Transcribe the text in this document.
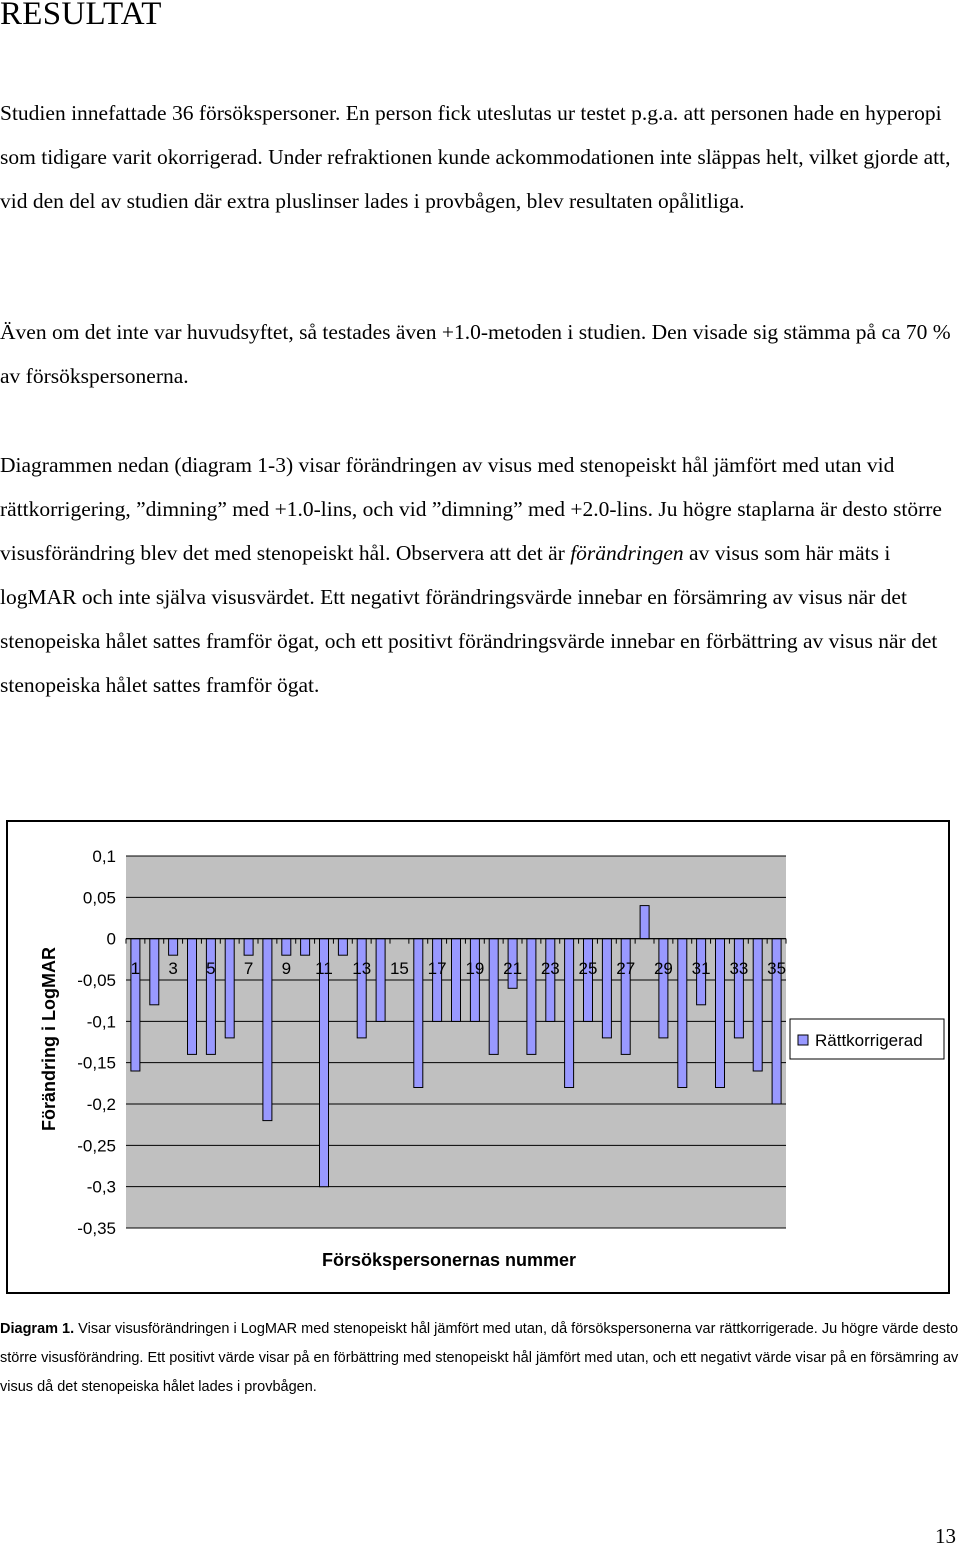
RESULTAT

Studien innefattade 36 försökspersoner. En person fick uteslutas ur testet p.g.a. att personen hade en hyperopi som tidigare varit okorrigerad. Under refraktionen kunde ackommodationen inte släppas helt, vilket gjorde att, vid den del av studien där extra pluslinser lades i provbågen, blev resultaten opålitliga.

Även om det inte var huvudsyftet, så testades även +1.0-metoden i studien. Den visade sig stämma på ca 70 % av försökspersonerna.

Diagrammen nedan (diagram 1-3) visar förändringen av visus med stenopeiskt hål jämfört med utan vid rättkorrigering, ”dimning” med +1.0-lins, och vid ”dimning” med +2.0-lins. Ju högre staplarna är desto större visusförändring blev det med stenopeiskt hål. Observera att det är förändringen av visus som här mäts i logMAR och inte själva visusvärdet. Ett negativt förändringsvärde innebar en försämring av visus när det stenopeiska hålet sattes framför ögat, och ett positivt förändringsvärde innebar en förbättring av visus när det stenopeiska hålet sattes framför ögat.

0,1
0,05
0
-0,05
-0,1
-0,15
-0,2
-0,25
-0,3
-0,35
1 3 5 7 9 11 13 15 17 19 21 23 25 27 29 31 33 35
Förändring i LogMAR
Försökspersonernas nummer
Rättkorrigerad

Diagram 1. Visar visusförändringen i LogMAR med stenopeiskt hål jämfört med utan, då försökspersonerna var rättkorrigerade. Ju högre värde desto större visusförändring. Ett positivt värde visar på en förbättring med stenopeiskt hål jämfört med utan, och ett negativt värde visar på en försämring av visus då det stenopeiska hålet lades i provbågen.

13
